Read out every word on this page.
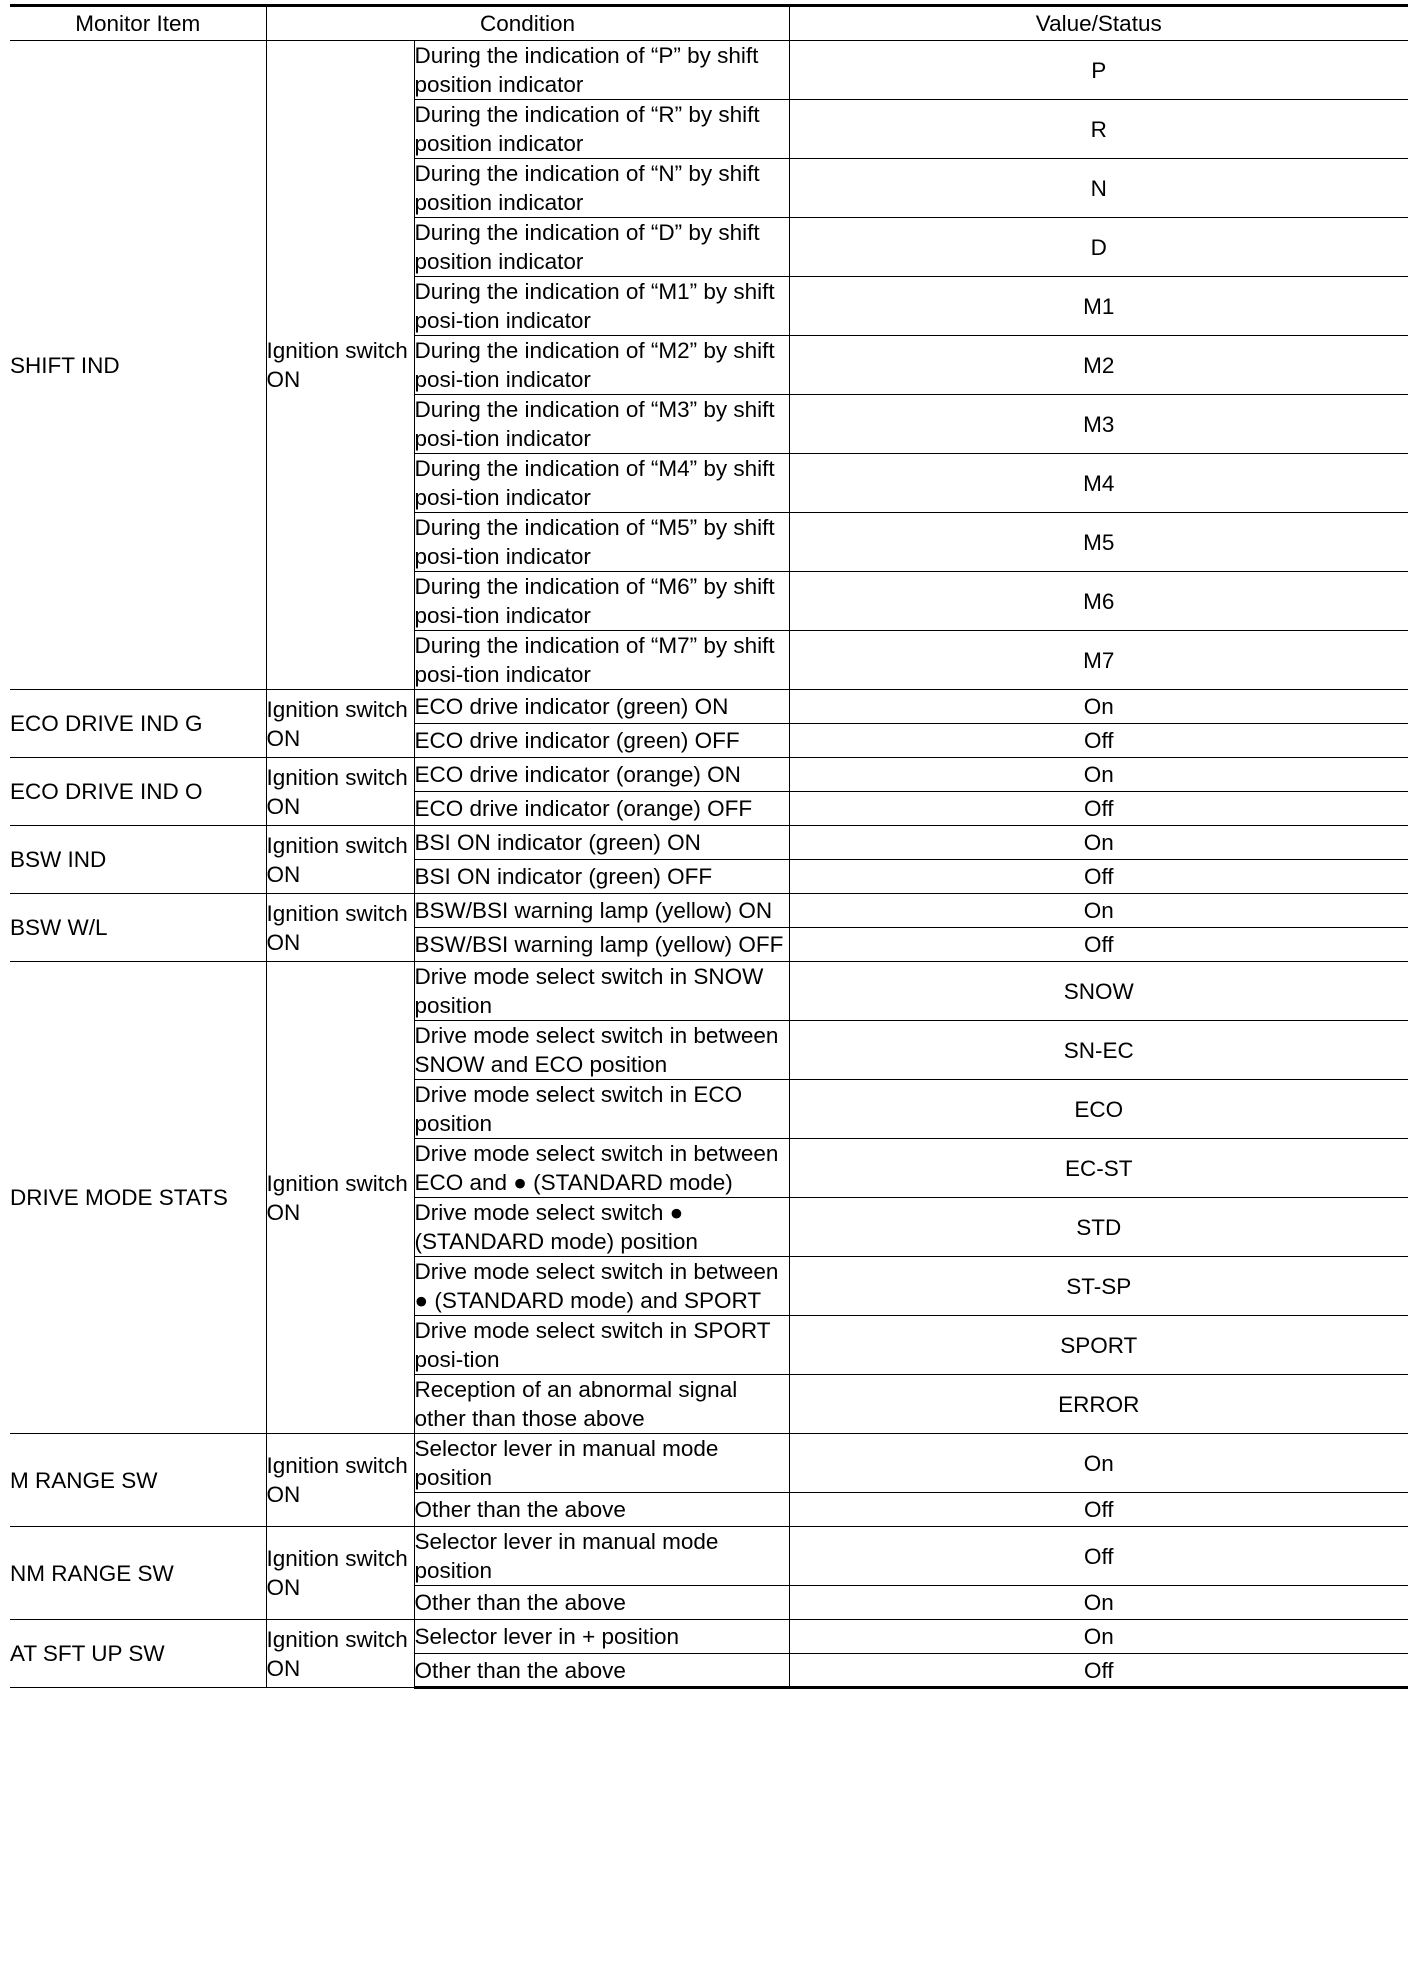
Monitor Item	Condition		Value/Status
SHIFT IND	Ignition switch ON	During the indication of “P” by shift position indicator	P
		During the indication of “R” by shift position indicator	R
		During the indication of “N” by shift position indicator	N
		During the indication of “D” by shift position indicator	D
		During the indication of “M1” by shift posi-tion indicator	M1
		During the indication of “M2” by shift posi-tion indicator	M2
		During the indication of “M3” by shift posi-tion indicator	M3
		During the indication of “M4” by shift posi-tion indicator	M4
		During the indication of “M5” by shift posi-tion indicator	M5
		During the indication of “M6” by shift posi-tion indicator	M6
		During the indication of “M7” by shift posi-tion indicator	M7
ECO DRIVE IND G	Ignition switch ON	ECO drive indicator (green) ON	On
		ECO drive indicator (green) OFF	Off
ECO DRIVE IND O	Ignition switch ON	ECO drive indicator (orange) ON	On
		ECO drive indicator (orange) OFF	Off
BSW IND	Ignition switch ON	BSI ON indicator (green) ON	On
		BSI ON indicator (green) OFF	Off
BSW W/L	Ignition switch ON	BSW/BSI warning lamp (yellow) ON	On
		BSW/BSI warning lamp (yellow) OFF	Off
DRIVE MODE STATS	Ignition switch ON	Drive mode select switch in SNOW position	SNOW
		Drive mode select switch in between SNOW and ECO position	SN-EC
		Drive mode select switch in ECO position	ECO
		Drive mode select switch in between ECO and ● (STANDARD mode)	EC-ST
		Drive mode select switch ● (STANDARD mode) position	STD
		Drive mode select switch in between ● (STANDARD mode) and SPORT	ST-SP
		Drive mode select switch in SPORT posi-tion	SPORT
		Reception of an abnormal signal other than those above	ERROR
M RANGE SW	Ignition switch ON	Selector lever in manual mode position	On
		Other than the above	Off
NM RANGE SW	Ignition switch ON	Selector lever in manual mode position	Off
		Other than the above	On
AT SFT UP SW	Ignition switch ON	Selector lever in + position	On
		Other than the above	Off
